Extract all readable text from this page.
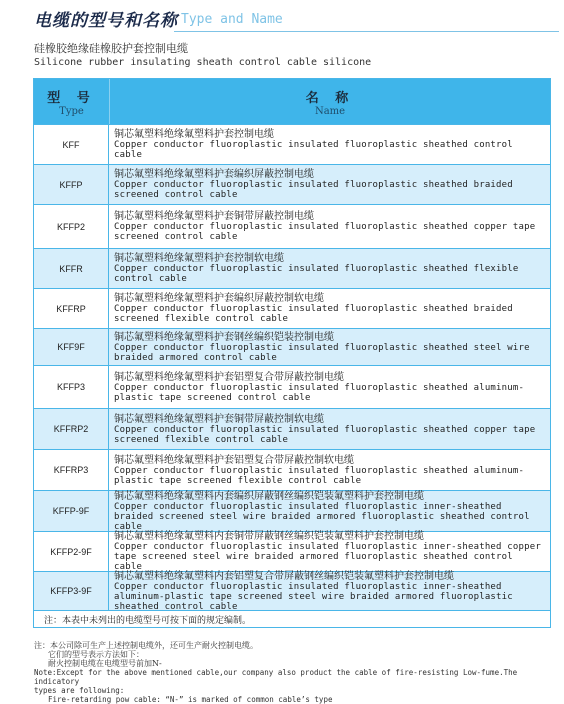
电缆的型号和名称 Type and Name
硅橡胶绝缘硅橡胶护套控制电缆
Silicone rubber insulating sheath control cable silicone
型 号
Type
名 称
Name
KFF
铜芯氟塑料绝缘氟塑料护套控制电缆
Copper conductor fluoroplastic insulated fluoroplastic sheathed control cable
KFFP
铜芯氟塑料绝缘氟塑料护套编织屏蔽控制电缆
Copper conductor fluoroplastic insulated fluoroplastic sheathed braided screened control cable
KFFP2
铜芯氟塑料绝缘氟塑料护套铜带屏蔽控制电缆
Copper conductor fluoroplastic insulated fluoroplastic sheathed copper tape screened control cable
KFFR
铜芯氟塑料绝缘氟塑料护套控制软电缆
Copper conductor fluoroplastic insulated fluoroplastic sheathed flexible control cable
KFFRP
铜芯氟塑料绝缘氟塑料护套编织屏蔽控制软电缆
Copper conductor fluoroplastic insulated fluoroplastic sheathed braided screened flexible control cable
KFF9F
铜芯氟塑料绝缘氟塑料护套钢丝编织铠装控制电缆
Copper conductor fluoroplastic insulated fluoroplastic sheathed steel wire braided armored control cable
KFFP3
铜芯氟塑料绝缘氟塑料护套铝塑复合带屏蔽控制电缆
Copper conductor fluoroplastic insulated fluoroplastic sheathed aluminum-plastic tape screened control cable
KFFRP2
铜芯氟塑料绝缘氟塑料护套铜带屏蔽控制软电缆
Copper conductor fluoroplastic insulated fluoroplastic sheathed copper tape screened flexible control cable
KFFRP3
铜芯氟塑料绝缘氟塑料护套铝塑复合带屏蔽控制软电缆
Copper conductor fluoroplastic insulated fluoroplastic sheathed aluminum-plastic tape screened flexible control cable
KFFP-9F
铜芯氟塑料绝缘氟塑料内套编织屏蔽钢丝编织铠装氟塑料护套控制电缆
Copper conductor fluoroplastic insulated fluoroplastic inner-sheathed braided screened steel wire braided armored fluoroplastic sheathed control cable
KFFP2-9F
铜芯氟塑料绝缘氟塑料内套铜带屏蔽钢丝编织铠装氟塑料护套控制电缆
Copper conductor fluoroplastic insulated fluoroplastic inner-sheathed copper tape screened steel wire braided armored fluoroplastic sheathed control cable
KFFP3-9F
铜芯氟塑料绝缘氟塑料内套铝塑复合带屏蔽钢丝编织铠装氟塑料护套控制电缆
Copper conductor fluoroplastic insulated fluoroplastic inner-sheathed aluminum-plastic tape screened steel wire braided armored fluoroplastic sheathed control cable
注：本表中未列出的电缆型号可按下面的规定编制。
注：本公司除可生产上述控制电缆外，还可生产耐火控制电缆。
它们的型号表示方法如下：
耐火控制电缆在电缆型号前加N-
Note:Except for the above mentioned cable,our company also product the cable of fire-resisting Low-fume.The indicatory
types are following:
Fire-retarding pow cable: “N-” is marked of common cable’s type
